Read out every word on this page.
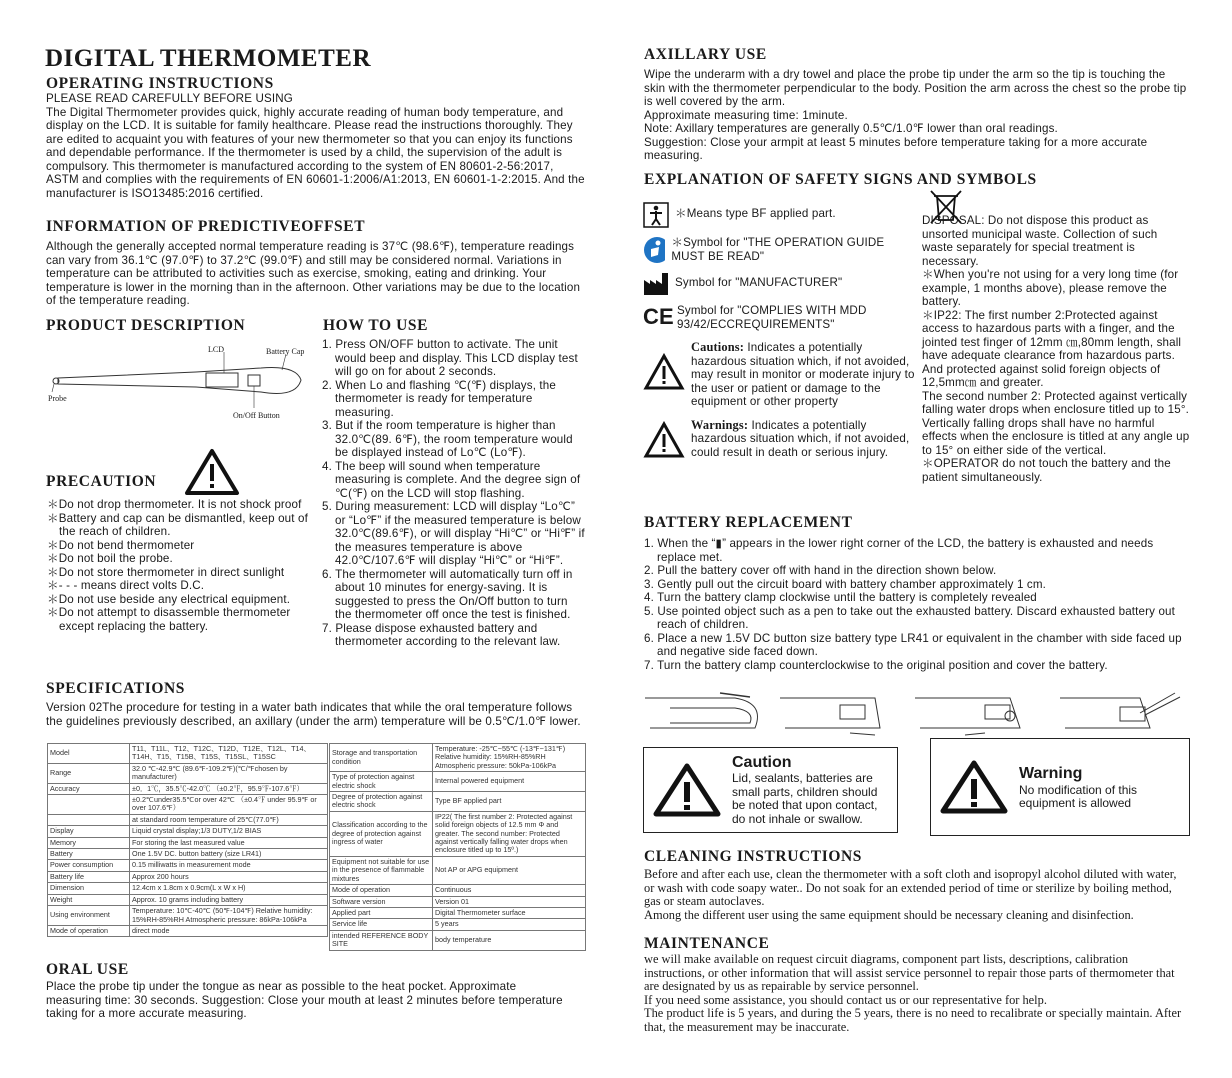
DIGITAL THERMOMETER
OPERATING INSTRUCTIONS
PLEASE READ CAREFULLY BEFORE USING
The Digital Thermometer provides quick, highly accurate reading of human body temperature, and display on the LCD. It is suitable for family healthcare. Please read the instructions thoroughly. They are edited to acquaint you with features of your new thermometer so that you can enjoy its functions and dependable performance. If the thermometer is used by a child, the supervision of the adult is compulsory. This thermometer is manufactured according to the system of EN 80601-2-56:2017, ASTM and complies with the requirements of EN 60601-1:2006/A1:2013, EN 60601-1-2:2015. And the manufacturer is ISO13485:2016 certified.
INFORMATION OF PREDICTIVEOFFSET
Although the generally accepted normal temperature reading is 37℃ (98.6℉), temperature readings can vary from 36.1℃ (97.0℉) to 37.2℃ (99.0℉) and still may be considered normal. Variations in temperature can be attributed to activities such as exercise, smoking, eating and drinking. Your temperature is lower in the morning than in the afternoon. Other variations may be due to the location of the temperature reading.
PRODUCT DESCRIPTION
LCD	Battery Cap
Probe
On/Off Button
PRECAUTION
＊Do not drop thermometer. It is not shock proof
＊Battery and cap can be dismantled, keep out of the reach of children.
＊Do not bend thermometer
＊Do not boil the probe.
＊Do not store thermometer in direct sunlight
＊- - - means direct volts D.C.
＊Do not use beside any electrical equipment.
＊Do not attempt to disassemble thermometer except replacing the battery.
HOW TO USE
1. Press ON/OFF button to activate. The unit would beep and display. This LCD display test will go on for about 2 seconds.
2. When Lo and flashing ℃(℉) displays, the thermometer is ready for temperature measuring.
3. But if the room temperature is higher than 32.0℃(89. 6℉), the room temperature would be displayed instead of Lo℃ (Lo℉).
4. The beep will sound when temperature measuring is complete. And the degree sign of ℃(℉) on the LCD will stop flashing.
5. During measurement: LCD will display “Lo℃” or “Lo℉” if the measured temperature is below 32.0℃(89.6℉), or will display “Hi℃” or “Hi℉” if the measures temperature is above 42.0℃/107.6℉ will display “Hi℃” or “Hi℉”.
6. The thermometer will automatically turn off in about 10 minutes for energy-saving. It is suggested to press the On/Off button to turn the thermometer off once the test is finished.
7. Please dispose exhausted battery and thermometer according to the relevant law.
SPECIFICATIONS
Version 02The procedure for testing in a water bath indicates that while the oral temperature follows the guidelines previously described, an axillary (under the arm) temperature will be 0.5℃/1.0℉ lower.
Model	T11、T11L、T12、T12C、T12D、T12E、T12L、T14、T14H、T15、T15B、T15S、T15SL、T15SC
Range	32.0 ℃-42.9℃ (89.6℉-109.2℉)(℃/℉chosen by manufacturer)
Accuracy	±0．1℃，35.5℃-42.0℃ （±0.2℉，95.9℉-107.6℉）
	±0.2℃under35.5℃or over 42℃ （±0.4℉ under 95.9℉ or over 107.6℉）
	at standard room temperature of 25℃(77.0℉)
Display	Liquid crystal display;1/3 DUTY,1/2 BIAS
Memory	For storing the last measured value
Battery	One 1.5V DC. button battery (size LR41)
Power consumption	0.15 milliwatts in measurement mode
Battery life	Approx 200 hours
Dimension	12.4cm x 1.8cm x 0.9cm(L x W x H)
Weight	Approx. 10 grams including battery
Using environment	Temperature: 10℃-40℃ (50℉-104℉) Relative humidity: 15%RH-85%RH Atmospheric pressure: 86kPa-106kPa
Mode of operation	direct mode
Storage and transportation condition	Temperature: -25℃~55℃ (-13℉~131℉) Relative humidity: 15%RH-85%RH Atmospheric pressure: 50kPa-106kPa
Type of protection against electric shock	Internal powered equipment
Degree of protection against electric shock	Type BF applied part
Classification according to the degree of protection against ingress of water	IP22( The first number 2: Protected against solid foreign objects of 12.5 mm Φ and greater. The second number: Protected against vertically falling water drops when enclosure titled up to 15º.)
Equipment not suitable for use in the presence of flammable mixtures	Not AP or APG equipment
Mode of operation	Continuous
Software version	Version 01
Applied part	Digital Thermometer surface
Service life	5 years
intended REFERENCE BODY SITE	body temperature
ORAL USE
Place the probe tip under the tongue as near as possible to the heat pocket. Approximate measuring time: 30 seconds. Suggestion: Close your mouth at least 2 minutes before temperature taking for a more accurate measuring.
AXILLARY USE
Wipe the underarm with a dry towel and place the probe tip under the arm so the tip is touching the skin with the thermometer perpendicular to the body. Position the arm across the chest so the probe tip is well covered by the arm.
Approximate measuring time: 1minute.
Note: Axillary temperatures are generally 0.5℃/1.0℉ lower than oral readings.
Suggestion: Close your armpit at least 5 minutes before temperature taking for a more accurate measuring.
EXPLANATION OF SAFETY SIGNS AND SYMBOLS
＊Means type BF applied part.
＊Symbol for "THE OPERATION GUIDE MUST BE READ"
Symbol for "MANUFACTURER"
CE Symbol for "COMPLIES WITH MDD 93/42/ECCREQUIREMENTS"
Cautions: Indicates a potentially hazardous situation which, if not avoided, may result in monitor or moderate injury to the user or patient or damage to the equipment or other property
Warnings: Indicates a potentially hazardous situation which, if not avoided, could result in death or serious injury.
DISPOSAL: Do not dispose this product as unsorted municipal waste. Collection of such waste separately for special treatment is necessary.
＊When you're not using for a very long time (for example, 1 months above), please remove the battery.
＊IP22: The first number 2:Protected against access to hazardous parts with a finger, and the jointed test finger of 12mm ㎝,80mm length, shall have adequate clearance from hazardous parts. And protected against solid foreign objects of 12,5mm㎝ and greater.
The second number 2: Protected against vertically falling water drops when enclosure titled up to 15°. Vertically falling drops shall have no harmful effects when the enclosure is titled at any angle up to 15° on either side of the vertical.
＊OPERATOR do not touch the battery and the patient simultaneously.
BATTERY REPLACEMENT
1. When the “▮” appears in the lower right corner of the LCD, the battery is exhausted and needs replace met.
2. Pull the battery cover off with hand in the direction shown below.
3. Gently pull out the circuit board with battery chamber approximately 1 cm.
4. Turn the battery clamp clockwise until the battery is completely revealed
5. Use pointed object such as a pen to take out the exhausted battery. Discard exhausted battery out reach of children.
6. Place a new 1.5V DC button size battery type LR41 or equivalent in the chamber with side faced up and negative side faced down.
7. Turn the battery clamp counterclockwise to the original position and cover the battery.
Caution
Lid, sealants, batteries are small parts, children should be noted that upon contact, do not inhale or swallow.
Warning
No modification of this equipment is allowed
CLEANING INSTRUCTIONS
Before and after each use, clean the thermometer with a soft cloth and isopropyl alcohol diluted with water, or wash with code soapy water.. Do not soak for an extended period of time or sterilize by boiling method, gas or steam autoclaves.
Among the different user using the same equipment should be necessary cleaning and disinfection.
MAINTENANCE
we will make available on request circuit diagrams, component part lists, descriptions, calibration instructions, or other information that will assist service personnel to repair those parts of thermometer that are designated by us as repairable by service personnel.
If you need some assistance, you should contact us or our representative for help.
The product life is 5 years, and during the 5 years, there is no need to recalibrate or specially maintain. After that, the measurement may be inaccurate.
